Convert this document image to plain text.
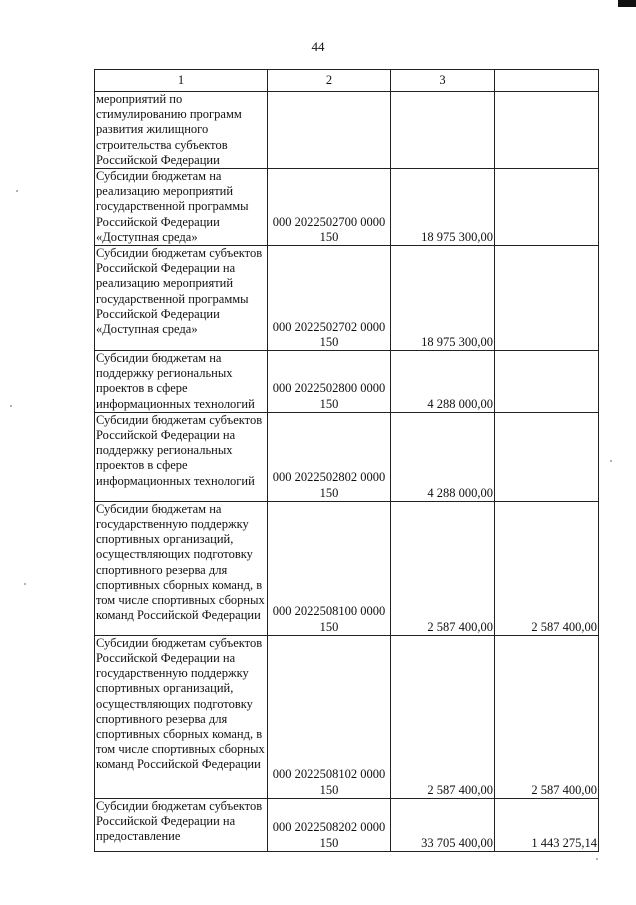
44
1	2	3	
мероприятий по стимулированию программ развития жилищного строительства субъектов Российской Федерации			
Субсидии бюджетам на реализацию мероприятий государственной программы Российской Федерации «Доступная среда»	000 2022502700 0000 150	18 975 300,00	
Субсидии бюджетам субъектов Российской Федерации на реализацию мероприятий государственной программы Российской Федерации «Доступная среда»	000 2022502702 0000 150	18 975 300,00	
Субсидии бюджетам на поддержку региональных проектов в сфере информационных технологий	000 2022502800 0000 150	4 288 000,00	
Субсидии бюджетам субъектов Российской Федерации на поддержку региональных проектов в сфере информационных технологий	000 2022502802 0000 150	4 288 000,00	
Субсидии бюджетам на государственную поддержку спортивных организаций, осуществляющих подготовку спортивного резерва для спортивных сборных команд, в том числе спортивных сборных команд Российской Федерации	000 2022508100 0000 150	2 587 400,00	2 587 400,00
Субсидии бюджетам субъектов Российской Федерации на государственную поддержку спортивных организаций, осуществляющих подготовку спортивного резерва для спортивных сборных команд, в том числе спортивных сборных команд Российской Федерации	000 2022508102 0000 150	2 587 400,00	2 587 400,00
Субсидии бюджетам субъектов Российской Федерации на предоставление	000 2022508202 0000 150	33 705 400,00	1 443 275,14
